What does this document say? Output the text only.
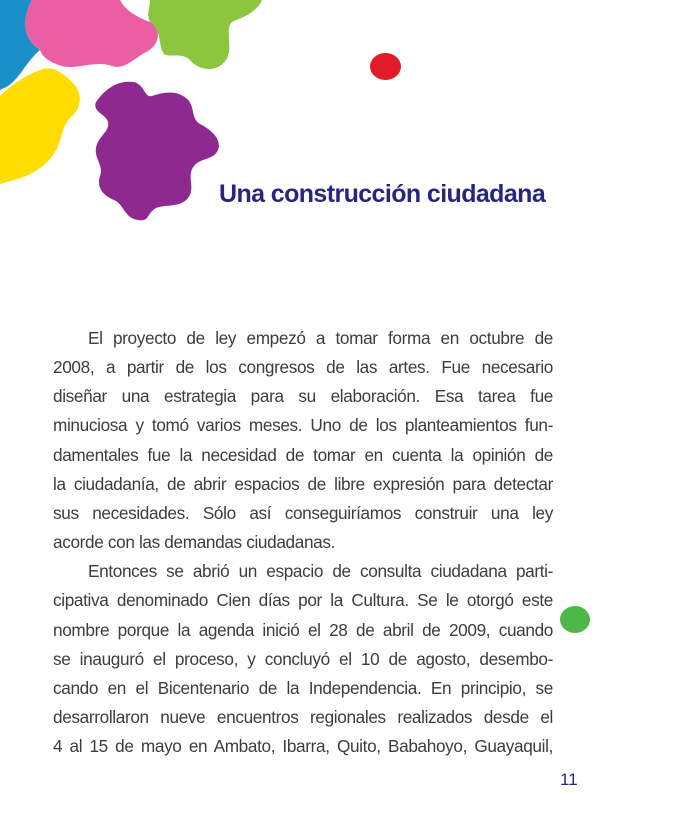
Una construcción ciudadana

El proyecto de ley empezó a tomar forma en octubre de
2008, a partir de los congresos de las artes. Fue necesario
diseñar una estrategia para su elaboración. Esa tarea fue
minuciosa y tomó varios meses. Uno de los planteamientos fun-
damentales fue la necesidad de tomar en cuenta la opinión de
la ciudadanía, de abrir espacios de libre expresión para detectar
sus necesidades. Sólo así conseguiríamos construir una ley
acorde con las demandas ciudadanas.

Entonces se abrió un espacio de consulta ciudadana parti-
cipativa denominado Cien días por la Cultura. Se le otorgó este
nombre porque la agenda inició el 28 de abril de 2009, cuando
se inauguró el proceso, y concluyó el 10 de agosto, desembo-
cando en el Bicentenario de la Independencia. En principio, se
desarrollaron nueve encuentros regionales realizados desde el
4 al 15 de mayo en Ambato, Ibarra, Quito, Babahoyo, Guayaquil,

11
